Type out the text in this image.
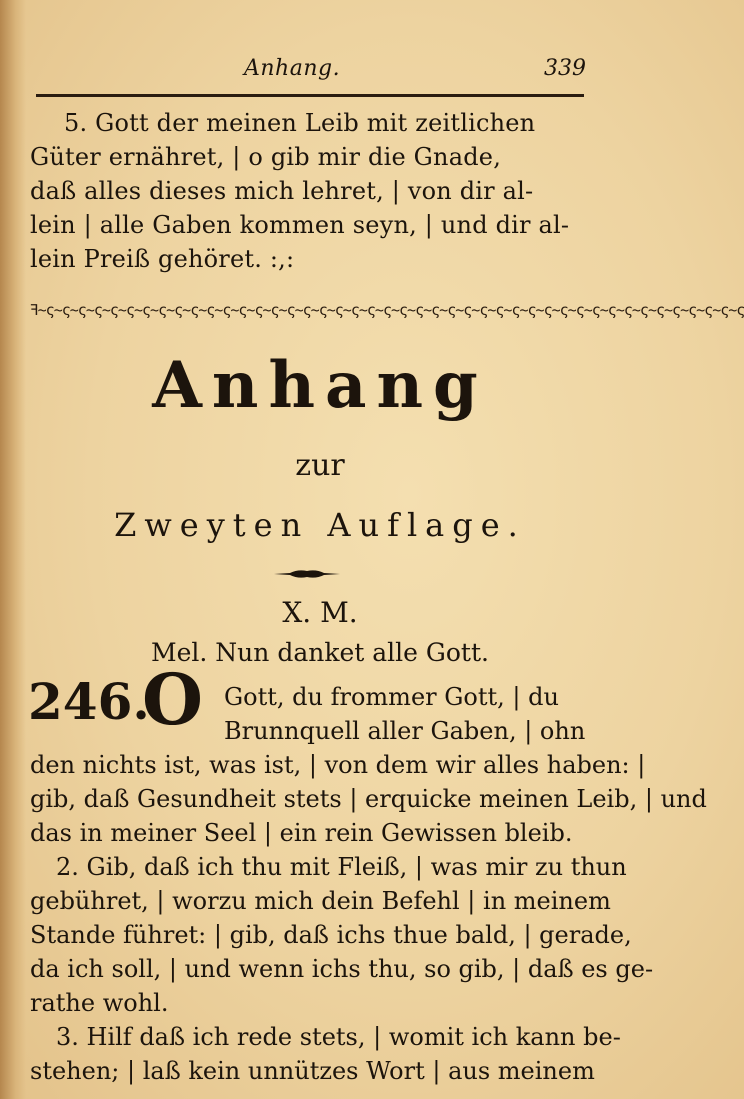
Anhang.	339
5. Gott der meinen Leib mit zeitlichen
Güter ernähret, | o gib mir die Gnade,
daß alles dieses mich lehret, | von dir al-
lein | alle Gaben kommen seyn, | und dir al-
lein Preiß gehöret. :,:
ꟻ~ς~ς~ς~ς~ς~ς~ς~ς~ς~ς~ς~ς~ς~ς~ς~ς~ς~ς~ς~ς~ς~ς~ς~ς~ς~ς~ς~ς~ς~ς~ς~ς~ς~ς~ς~ς~ς~ς~ς~ς~ς~ς~ς~ς
Anhang
zur
Zweyten Auflage.
X. M.
Mel. Nun danket alle Gott.
246.
O Gott, du frommer Gott, | du
Brunnquell aller Gaben, | ohn
den nichts ist, was ist, | von dem wir alles haben: |
gib, daß Gesundheit stets | erquicke meinen Leib, | und
das in meiner Seel | ein rein Gewissen bleib.
2. Gib, daß ich thu mit Fleiß, | was mir zu thun
gebühret, | worzu mich dein Befehl | in meinem
Stande führet: | gib, daß ichs thue bald, | gerade,
da ich soll, | und wenn ichs thu, so gib, | daß es ge-
rathe wohl.
3. Hilf daß ich rede stets, | womit ich kann be-
stehen; | laß kein unnützes Wort | aus meinem
